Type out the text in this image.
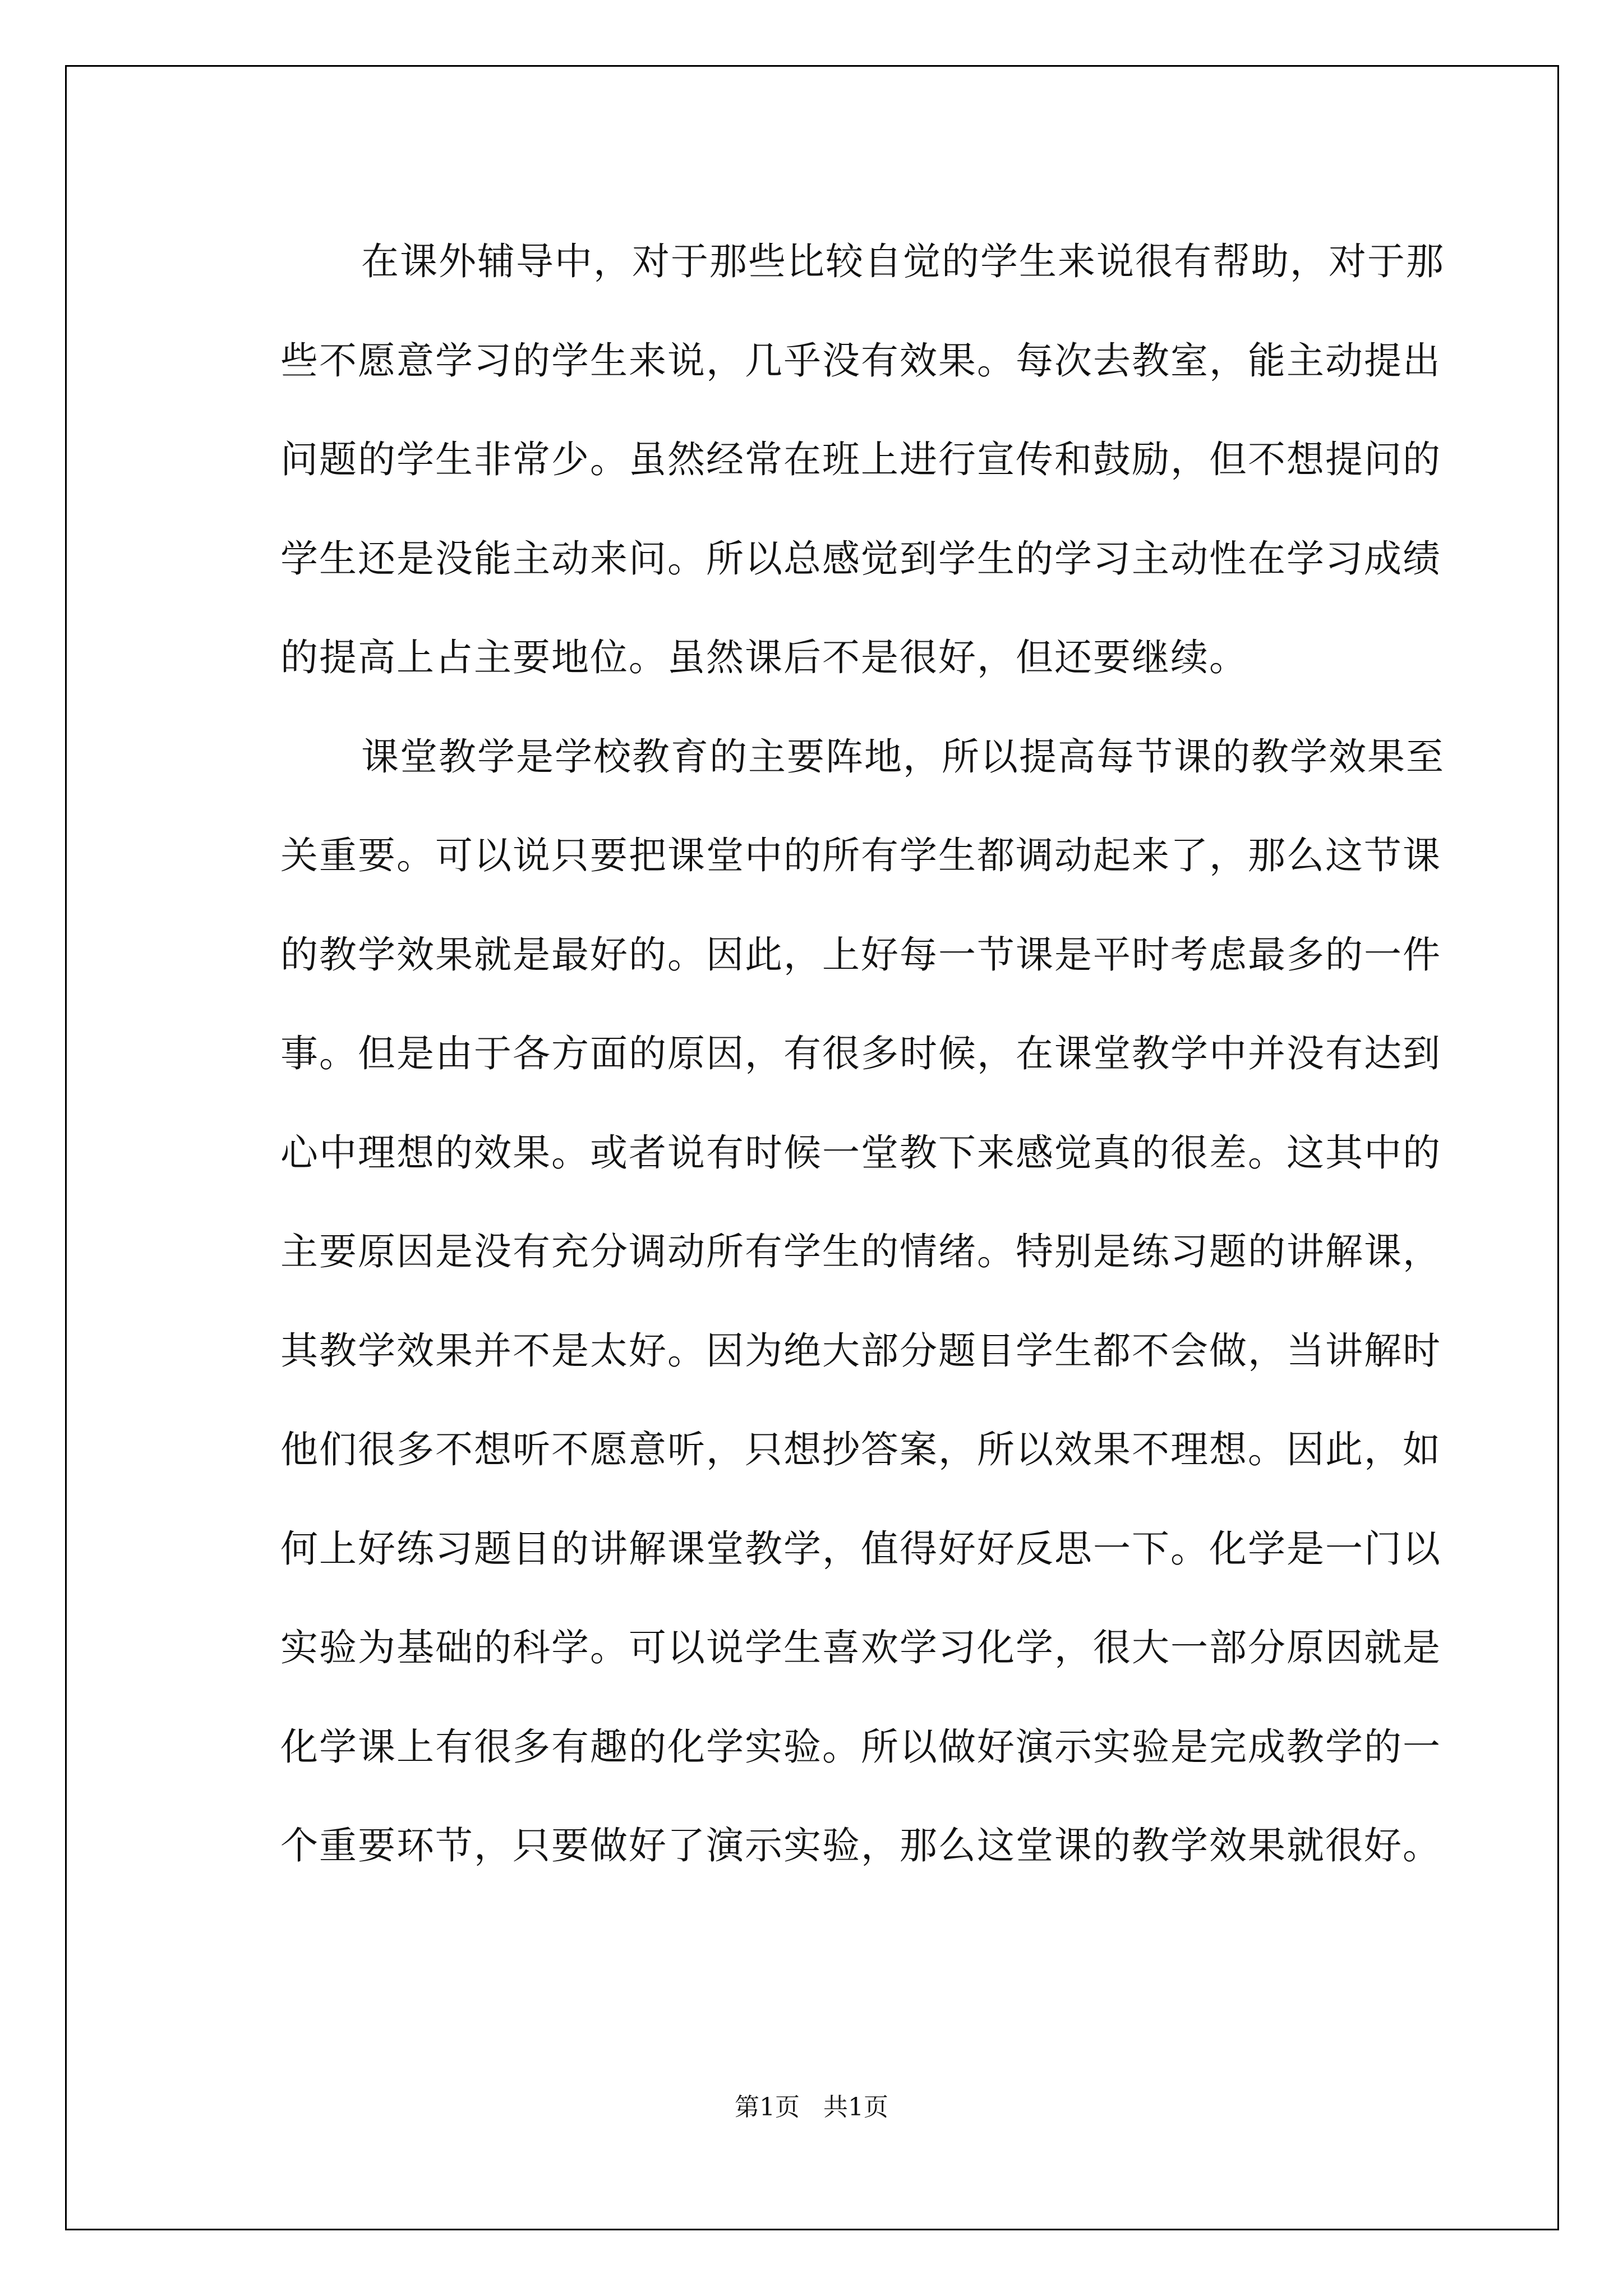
在课外辅导中，对于那些比较自觉的学生来说很有帮助，对于那
些不愿意学习的学生来说，几乎没有效果。每次去教室，能主动提出
问题的学生非常少。虽然经常在班上进行宣传和鼓励，但不想提问的
学生还是没能主动来问。所以总感觉到学生的学习主动性在学习成绩
的提高上占主要地位。虽然课后不是很好，但还要继续。
课堂教学是学校教育的主要阵地，所以提高每节课的教学效果至
关重要。可以说只要把课堂中的所有学生都调动起来了，那么这节课
的教学效果就是最好的。因此，上好每一节课是平时考虑最多的一件
事。但是由于各方面的原因，有很多时候，在课堂教学中并没有达到
心中理想的效果。或者说有时候一堂教下来感觉真的很差。这其中的
主要原因是没有充分调动所有学生的情绪。特别是练习题的讲解课，
其教学效果并不是太好。因为绝大部分题目学生都不会做，当讲解时
他们很多不想听不愿意听，只想抄答案，所以效果不理想。因此，如
何上好练习题目的讲解课堂教学，值得好好反思一下。化学是一门以
实验为基础的科学。可以说学生喜欢学习化学，很大一部分原因就是
化学课上有很多有趣的化学实验。所以做好演示实验是完成教学的一
个重要环节，只要做好了演示实验，那么这堂课的教学效果就很好。
第1页 共1页
